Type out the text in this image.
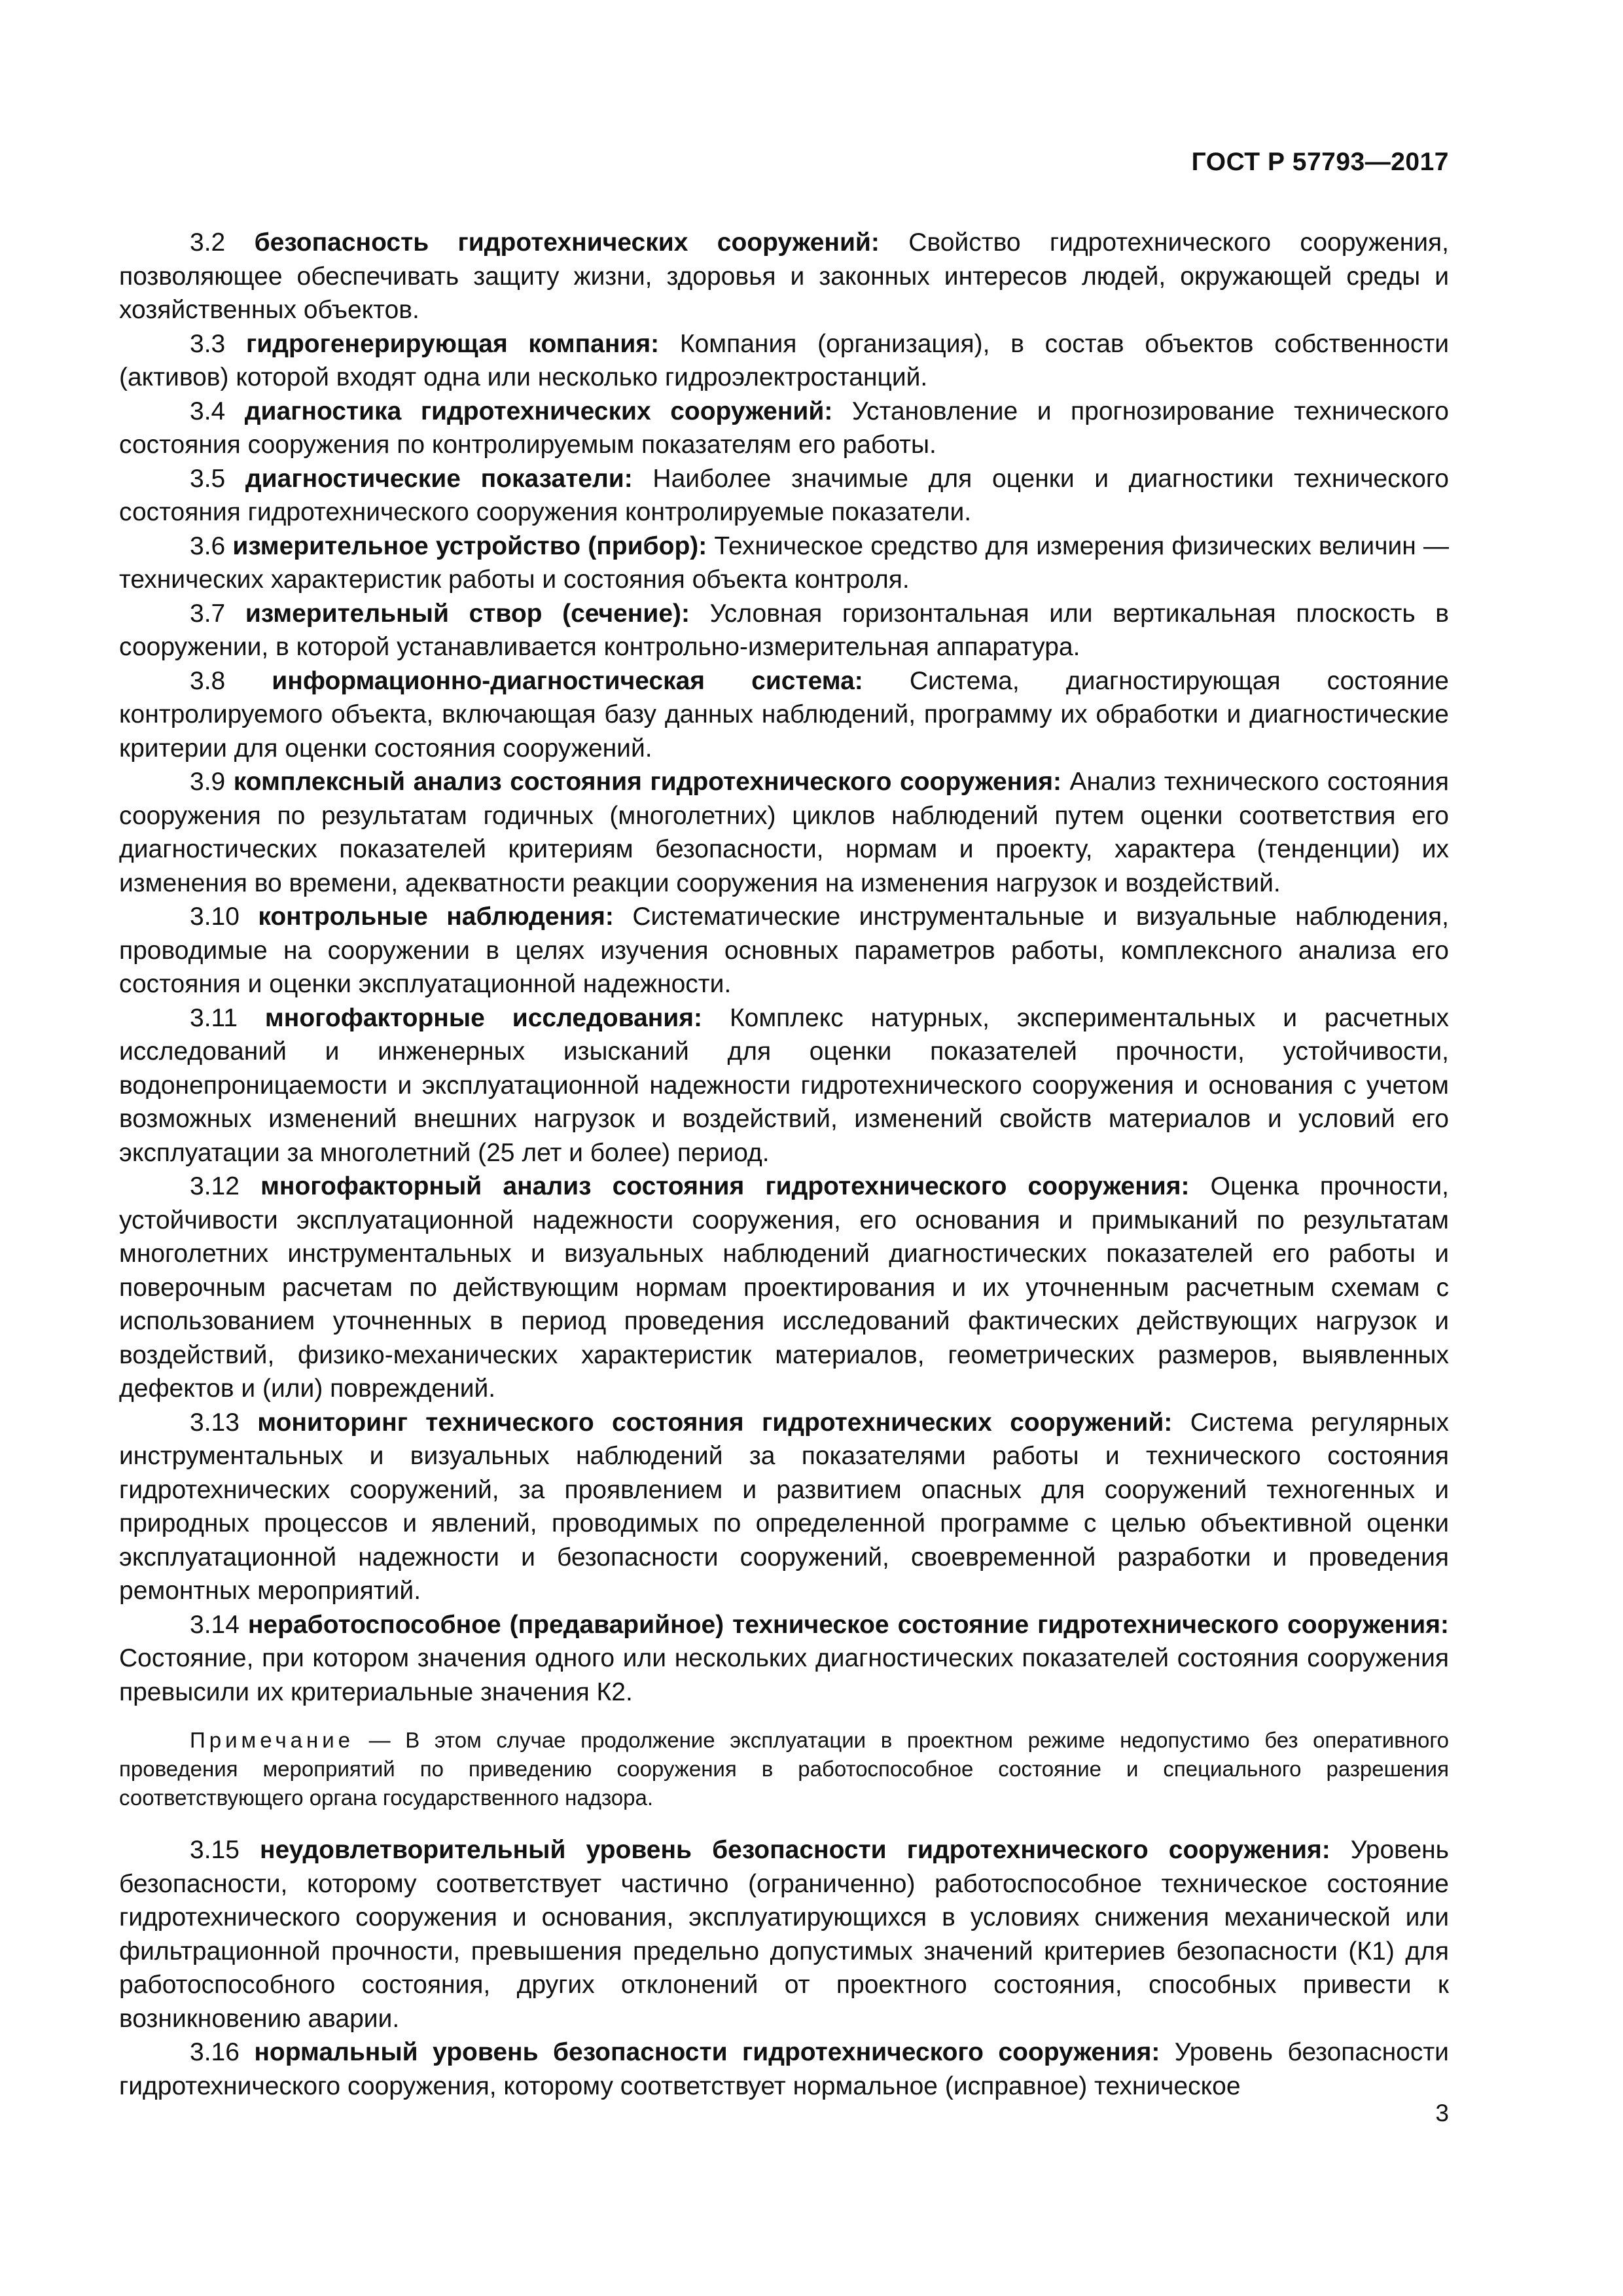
ГОСТ Р 57793—2017

3.2 безопасность гидротехнических сооружений: Свойство гидротехнического сооружения, позволяющее обеспечивать защиту жизни, здоровья и законных интересов людей, окружающей среды и хозяйственных объектов.

3.3 гидрогенерирующая компания: Компания (организация), в состав объектов собственности (активов) которой входят одна или несколько гидроэлектростанций.

3.4 диагностика гидротехнических сооружений: Установление и прогнозирование технического состояния сооружения по контролируемым показателям его работы.

3.5 диагностические показатели: Наиболее значимые для оценки и диагностики технического состояния гидротехнического сооружения контролируемые показатели.

3.6 измерительное устройство (прибор): Техническое средство для измерения физических величин — технических характеристик работы и состояния объекта контроля.

3.7 измерительный створ (сечение): Условная горизонтальная или вертикальная плоскость в сооружении, в которой устанавливается контрольно-измерительная аппаратура.

3.8 информационно-диагностическая система: Система, диагностирующая состояние контролируемого объекта, включающая базу данных наблюдений, программу их обработки и диагностические критерии для оценки состояния сооружений.

3.9 комплексный анализ состояния гидротехнического сооружения: Анализ технического состояния сооружения по результатам годичных (многолетних) циклов наблюдений путем оценки соответствия его диагностических показателей критериям безопасности, нормам и проекту, характера (тенденции) их изменения во времени, адекватности реакции сооружения на изменения нагрузок и воздействий.

3.10 контрольные наблюдения: Систематические инструментальные и визуальные наблюдения, проводимые на сооружении в целях изучения основных параметров работы, комплексного анализа его состояния и оценки эксплуатационной надежности.

3.11 многофакторные исследования: Комплекс натурных, экспериментальных и расчетных исследований и инженерных изысканий для оценки показателей прочности, устойчивости, водонепроницаемости и эксплуатационной надежности гидротехнического сооружения и основания с учетом возможных изменений внешних нагрузок и воздействий, изменений свойств материалов и условий его эксплуатации за многолетний (25 лет и более) период.

3.12 многофакторный анализ состояния гидротехнического сооружения: Оценка прочности, устойчивости эксплуатационной надежности сооружения, его основания и примыканий по результатам многолетних инструментальных и визуальных наблюдений диагностических показателей его работы и поверочным расчетам по действующим нормам проектирования и их уточненным расчетным схемам с использованием уточненных в период проведения исследований фактических действующих нагрузок и воздействий, физико-механических характеристик материалов, геометрических размеров, выявленных дефектов и (или) повреждений.

3.13 мониторинг технического состояния гидротехнических сооружений: Система регулярных инструментальных и визуальных наблюдений за показателями работы и технического состояния гидротехнических сооружений, за проявлением и развитием опасных для сооружений техногенных и природных процессов и явлений, проводимых по определенной программе с целью объективной оценки эксплуатационной надежности и безопасности сооружений, своевременной разработки и проведения ремонтных мероприятий.

3.14 неработоспособное (предаварийное) техническое состояние гидротехнического сооружения: Состояние, при котором значения одного или нескольких диагностических показателей состояния сооружения превысили их критериальные значения К2.

Примечание — В этом случае продолжение эксплуатации в проектном режиме недопустимо без оперативного проведения мероприятий по приведению сооружения в работоспособное состояние и специального разрешения соответствующего органа государственного надзора.

3.15 неудовлетворительный уровень безопасности гидротехнического сооружения: Уровень безопасности, которому соответствует частично (ограниченно) работоспособное техническое состояние гидротехнического сооружения и основания, эксплуатирующихся в условиях снижения механической или фильтрационной прочности, превышения предельно допустимых значений критериев безопасности (К1) для работоспособного состояния, других отклонений от проектного состояния, способных привести к возникновению аварии.

3.16 нормальный уровень безопасности гидротехнического сооружения: Уровень безопасности гидротехнического сооружения, которому соответствует нормальное (исправное) техническое

3
